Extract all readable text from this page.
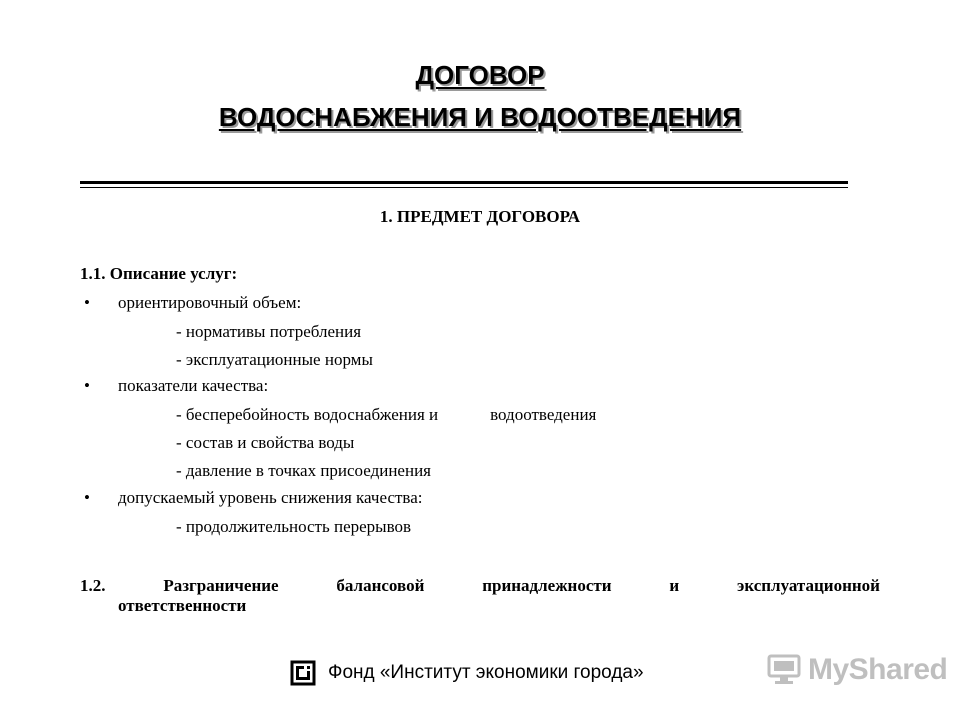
ДОГОВОР
ВОДОСНАБЖЕНИЯ И ВОДООТВЕДЕНИЯ
1. ПРЕДМЕТ ДОГОВОРА
1.1. Описание услуг:
• ориентировочный объем:
- нормативы потребления
- эксплуатационные нормы
• показатели качества:
- бесперебойность водоснабжения и	водоотведения
- состав и свойства воды
- давление в точках присоединения
• допускаемый уровень снижения качества:
- продолжительность перерывов
1.2.	Разграничение	балансовой	принадлежности	и	эксплуатационной
ответственности
Фонд «Институт экономики города»	MyShared
